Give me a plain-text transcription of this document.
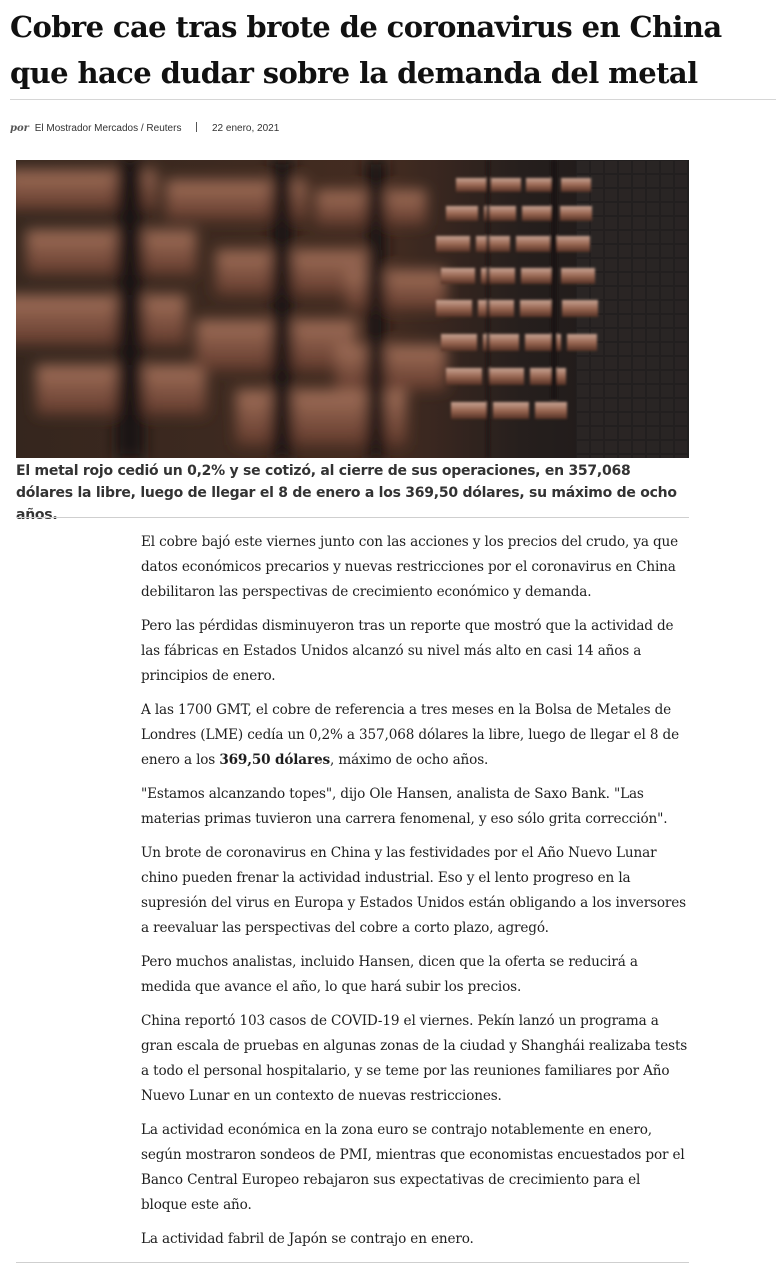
Cobre cae tras brote de coronavirus en China que hace dudar sobre la demanda del metal
por El Mostrador Mercados / Reuters	22 enero, 2021

El metal rojo cedió un 0,2% y se cotizó, al cierre de sus operaciones, en 357,068 dólares la libre, luego de llegar el 8 de enero a los 369,50 dólares, su máximo de ocho años.

El cobre bajó este viernes junto con las acciones y los precios del crudo, ya que datos económicos precarios y nuevas restricciones por el coronavirus en China debilitaron las perspectivas de crecimiento económico y demanda.

Pero las pérdidas disminuyeron tras un reporte que mostró que la actividad de las fábricas en Estados Unidos alcanzó su nivel más alto en casi 14 años a principios de enero.

A las 1700 GMT, el cobre de referencia a tres meses en la Bolsa de Metales de Londres (LME) cedía un 0,2% a 357,068 dólares la libre, luego de llegar el 8 de enero a los 369,50 dólares, máximo de ocho años.

"Estamos alcanzando topes", dijo Ole Hansen, analista de Saxo Bank. "Las materias primas tuvieron una carrera fenomenal, y eso sólo grita corrección".

Un brote de coronavirus en China y las festividades por el Año Nuevo Lunar chino pueden frenar la actividad industrial. Eso y el lento progreso en la supresión del virus en Europa y Estados Unidos están obligando a los inversores a reevaluar las perspectivas del cobre a corto plazo, agregó.

Pero muchos analistas, incluido Hansen, dicen que la oferta se reducirá a medida que avance el año, lo que hará subir los precios.

China reportó 103 casos de COVID-19 el viernes. Pekín lanzó un programa a gran escala de pruebas en algunas zonas de la ciudad y Shanghái realizaba tests a todo el personal hospitalario, y se teme por las reuniones familiares por Año Nuevo Lunar en un contexto de nuevas restricciones.

La actividad económica en la zona euro se contrajo notablemente en enero, según mostraron sondeos de PMI, mientras que economistas encuestados por el Banco Central Europeo rebajaron sus expectativas de crecimiento para el bloque este año.

La actividad fabril de Japón se contrajo en enero.
